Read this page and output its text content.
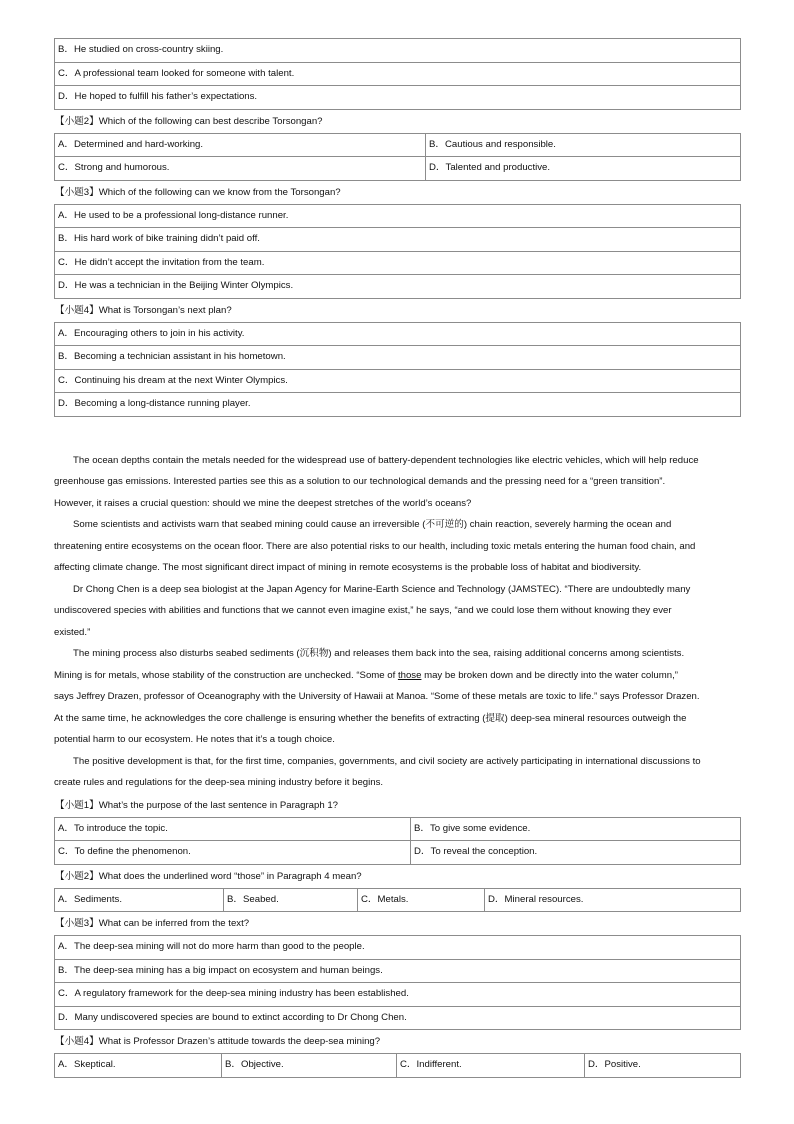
B．He studied on cross-country skiing.
C．A professional team looked for someone with talent.
D．He hoped to fulfill his father’s expectations.
【小题2】Which of the following can best describe Torsongan?
A．Determined and hard-working.	B．Cautious and responsible.
C．Strong and humorous.	D．Talented and productive.
【小题3】Which of the following can we know from the Torsongan?
A．He used to be a professional long-distance runner.
B．His hard work of bike training didn’t paid off.
C．He didn’t accept the invitation from the team.
D．He was a technician in the Beijing Winter Olympics.
【小题4】What is Torsongan’s next plan?
A．Encouraging others to join in his activity.
B．Becoming a technician assistant in his hometown.
C．Continuing his dream at the next Winter Olympics.
D．Becoming a long-distance running player.

The ocean depths contain the metals needed for the widespread use of battery-dependent technologies like electric vehicles, which will help reduce

greenhouse gas emissions. Interested parties see this as a solution to our technological demands and the pressing need for a “green transition”.

However, it raises a crucial question: should we mine the deepest stretches of the world’s oceans?

Some scientists and activists warn that seabed mining could cause an irreversible (不可逆的) chain reaction, severely harming the ocean and

threatening entire ecosystems on the ocean floor. There are also potential risks to our health, including toxic metals entering the human food chain, and

affecting climate change. The most significant direct impact of mining in remote ecosystems is the probable loss of habitat and biodiversity.

Dr Chong Chen is a deep sea biologist at the Japan Agency for Marine-Earth Science and Technology (JAMSTEC). “There are undoubtedly many

undiscovered species with abilities and functions that we cannot even imagine exist,” he says, “and we could lose them without knowing they ever

existed.”

The mining process also disturbs seabed sediments (沉积物) and releases them back into the sea, raising additional concerns among scientists.

Mining is for metals, whose stability of the construction are unchecked. “Some of those may be broken down and be directly into the water column,”

says Jeffrey Drazen, professor of Oceanography with the University of Hawaii at Manoa. “Some of these metals are toxic to life.” says Professor Drazen.

At the same time, he acknowledges the core challenge is ensuring whether the benefits of extracting (提取) deep-sea mineral resources outweigh the

potential harm to our ecosystem. He notes that it’s a tough choice.

The positive development is that, for the first time, companies, governments, and civil society are actively participating in international discussions to

create rules and regulations for the deep-sea mining industry before it begins.

【小题1】What’s the purpose of the last sentence in Paragraph 1?
A．To introduce the topic.	B．To give some evidence.
C．To define the phenomenon.	D．To reveal the conception.
【小题2】What does the underlined word “those” in Paragraph 4 mean?
A．Sediments.	B．Seabed.	C．Metals.	D．Mineral resources.
【小题3】What can be inferred from the text?
A．The deep-sea mining will not do more harm than good to the people.
B．The deep-sea mining has a big impact on ecosystem and human beings.
C．A regulatory framework for the deep-sea mining industry has been established.
D．Many undiscovered species are bound to extinct according to Dr Chong Chen.
【小题4】What is Professor Drazen’s attitude towards the deep-sea mining?
A．Skeptical.	B．Objective.	C．Indifferent.	D．Positive.
